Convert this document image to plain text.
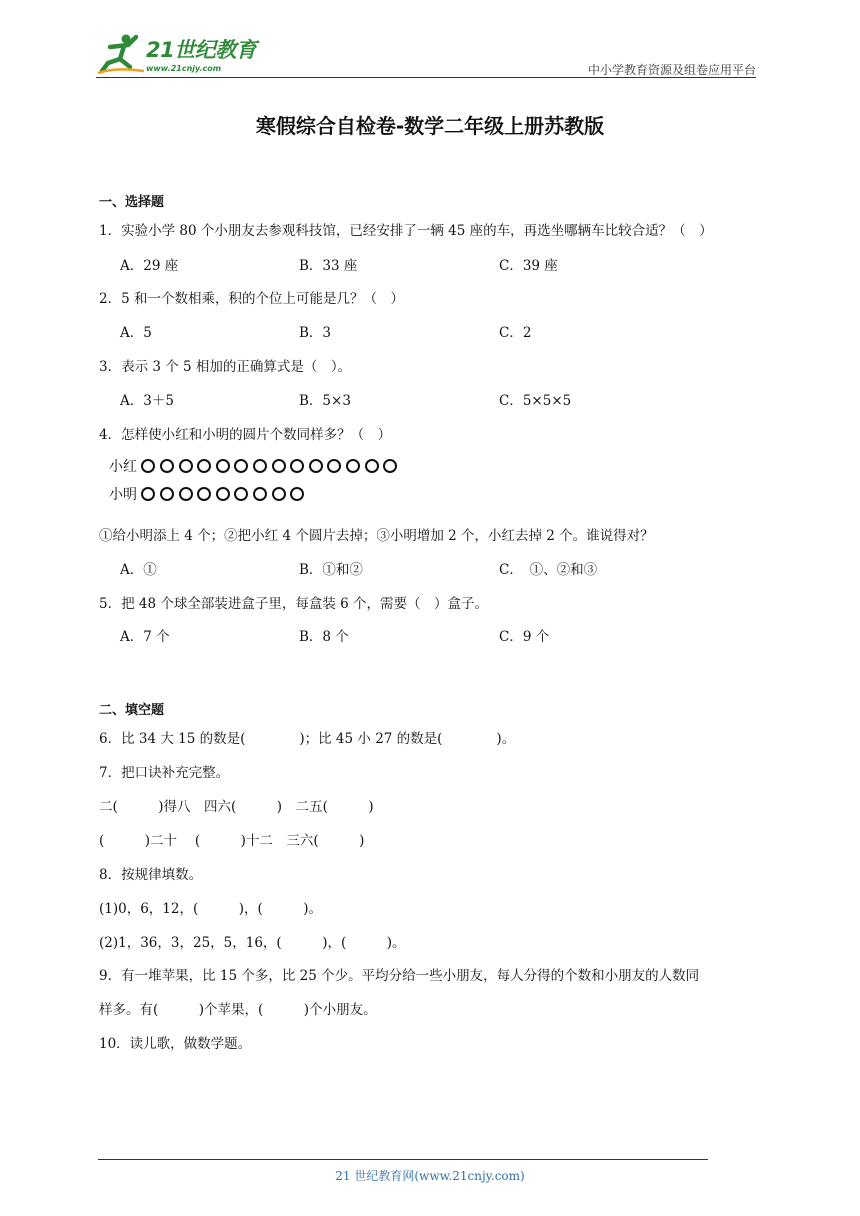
21世纪教育
www.21cnjy.com	中小学教育资源及组卷应用平台
寒假综合自检卷-数学二年级上册苏教版
一、选择题
1．实验小学 80 个小朋友去参观科技馆，已经安排了一辆 45 座的车，再选坐哪辆车比较合适？（　）
A．29 座	B．33 座	C．39 座
2．5 和一个数相乘，积的个位上可能是几？（　）
A．5	B．3	C．2
3．表示 3 个 5 相加的正确算式是（　）。
A．3＋5	B．5×3	C．5×5×5
4．怎样使小红和小明的圆片个数同样多？（　）
小红
小明
①给小明添上 4 个；②把小红 4 个圆片去掉；③小明增加 2 个，小红去掉 2 个。谁说得对？
A．①	B．①和②	C．　①、②和③
5．把 48 个球全部装进盒子里，每盒装 6 个，需要（　）盒子。
A．7 个	B．8 个	C．9 个
二、填空题
6．比 34 大 15 的数是(　　　　)；比 45 小 27 的数是(　　　　)。
7．把口诀补充完整。
二(　　　)得八　四六(　　　)　二五(　　　)
(　　　)二十　 (　　　)十二　三六(　　　)
8．按规律填数。
(1)0，6，12，(　　　)，(　　　)。
(2)1，36，3，25，5，16，(　　　)，(　　　)。
9．有一堆苹果，比 15 个多，比 25 个少。平均分给一些小朋友，每人分得的个数和小朋友的人数同
样多。有(　　　)个苹果，(　　　)个小朋友。
10．读儿歌，做数学题。
21 世纪教育网(www.21cnjy.com)
